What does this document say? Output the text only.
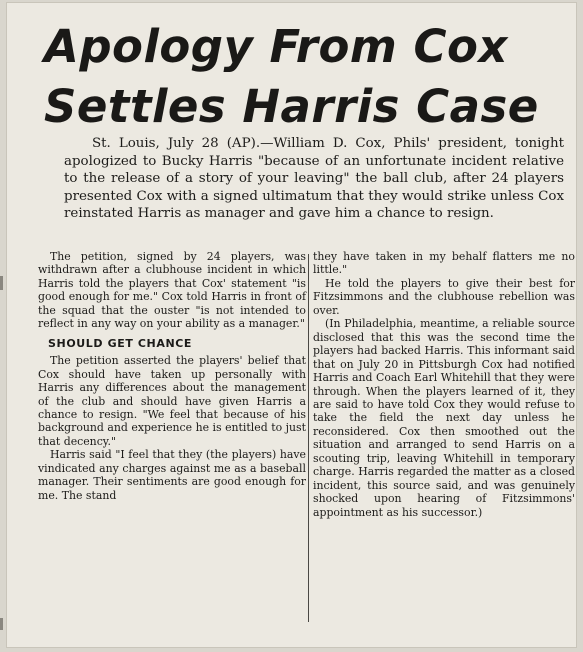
Apology From Cox
Settles Harris Case

St. Louis, July 28 (AP).—William D. Cox, Phils' president, tonight apologized to Bucky Harris "because of an unfortunate incident relative to the release of a story of your leaving" the ball club, after 24 players presented Cox with a signed ultimatum that they would strike unless Cox reinstated Harris as manager and gave him a chance to resign.

The petition, signed by 24 players, was withdrawn after a clubhouse incident in which Harris told the players that Cox' statement "is good enough for me." Cox told Harris in front of the squad that the ouster "is not intended to reflect in any way on your ability as a manager."

SHOULD GET CHANCE

The petition asserted the players' belief that Cox should have taken up personally with Harris any differences about the management of the club and should have given Harris a chance to resign. "We feel that because of his background and experience he is entitled to just that decency."

Harris said "I feel that they (the players) have vindicated any charges against me as a baseball manager. Their sentiments are good enough for me. The stand

they have taken in my behalf flatters me no little."

He told the players to give their best for Fitzsimmons and the clubhouse rebellion was over.

(In Philadelphia, meantime, a reliable source disclosed that this was the second time the players had backed Harris. This informant said that on July 20 in Pittsburgh Cox had notified Harris and Coach Earl Whitehill that they were through. When the players learned of it, they are said to have told Cox they would refuse to take the field the next day unless he reconsidered. Cox then smoothed out the situation and arranged to send Harris on a scouting trip, leaving Whitehill in temporary charge. Harris regarded the matter as a closed incident, this source said, and was genuinely shocked upon hearing of Fitzsimmons' appointment as his successor.)
